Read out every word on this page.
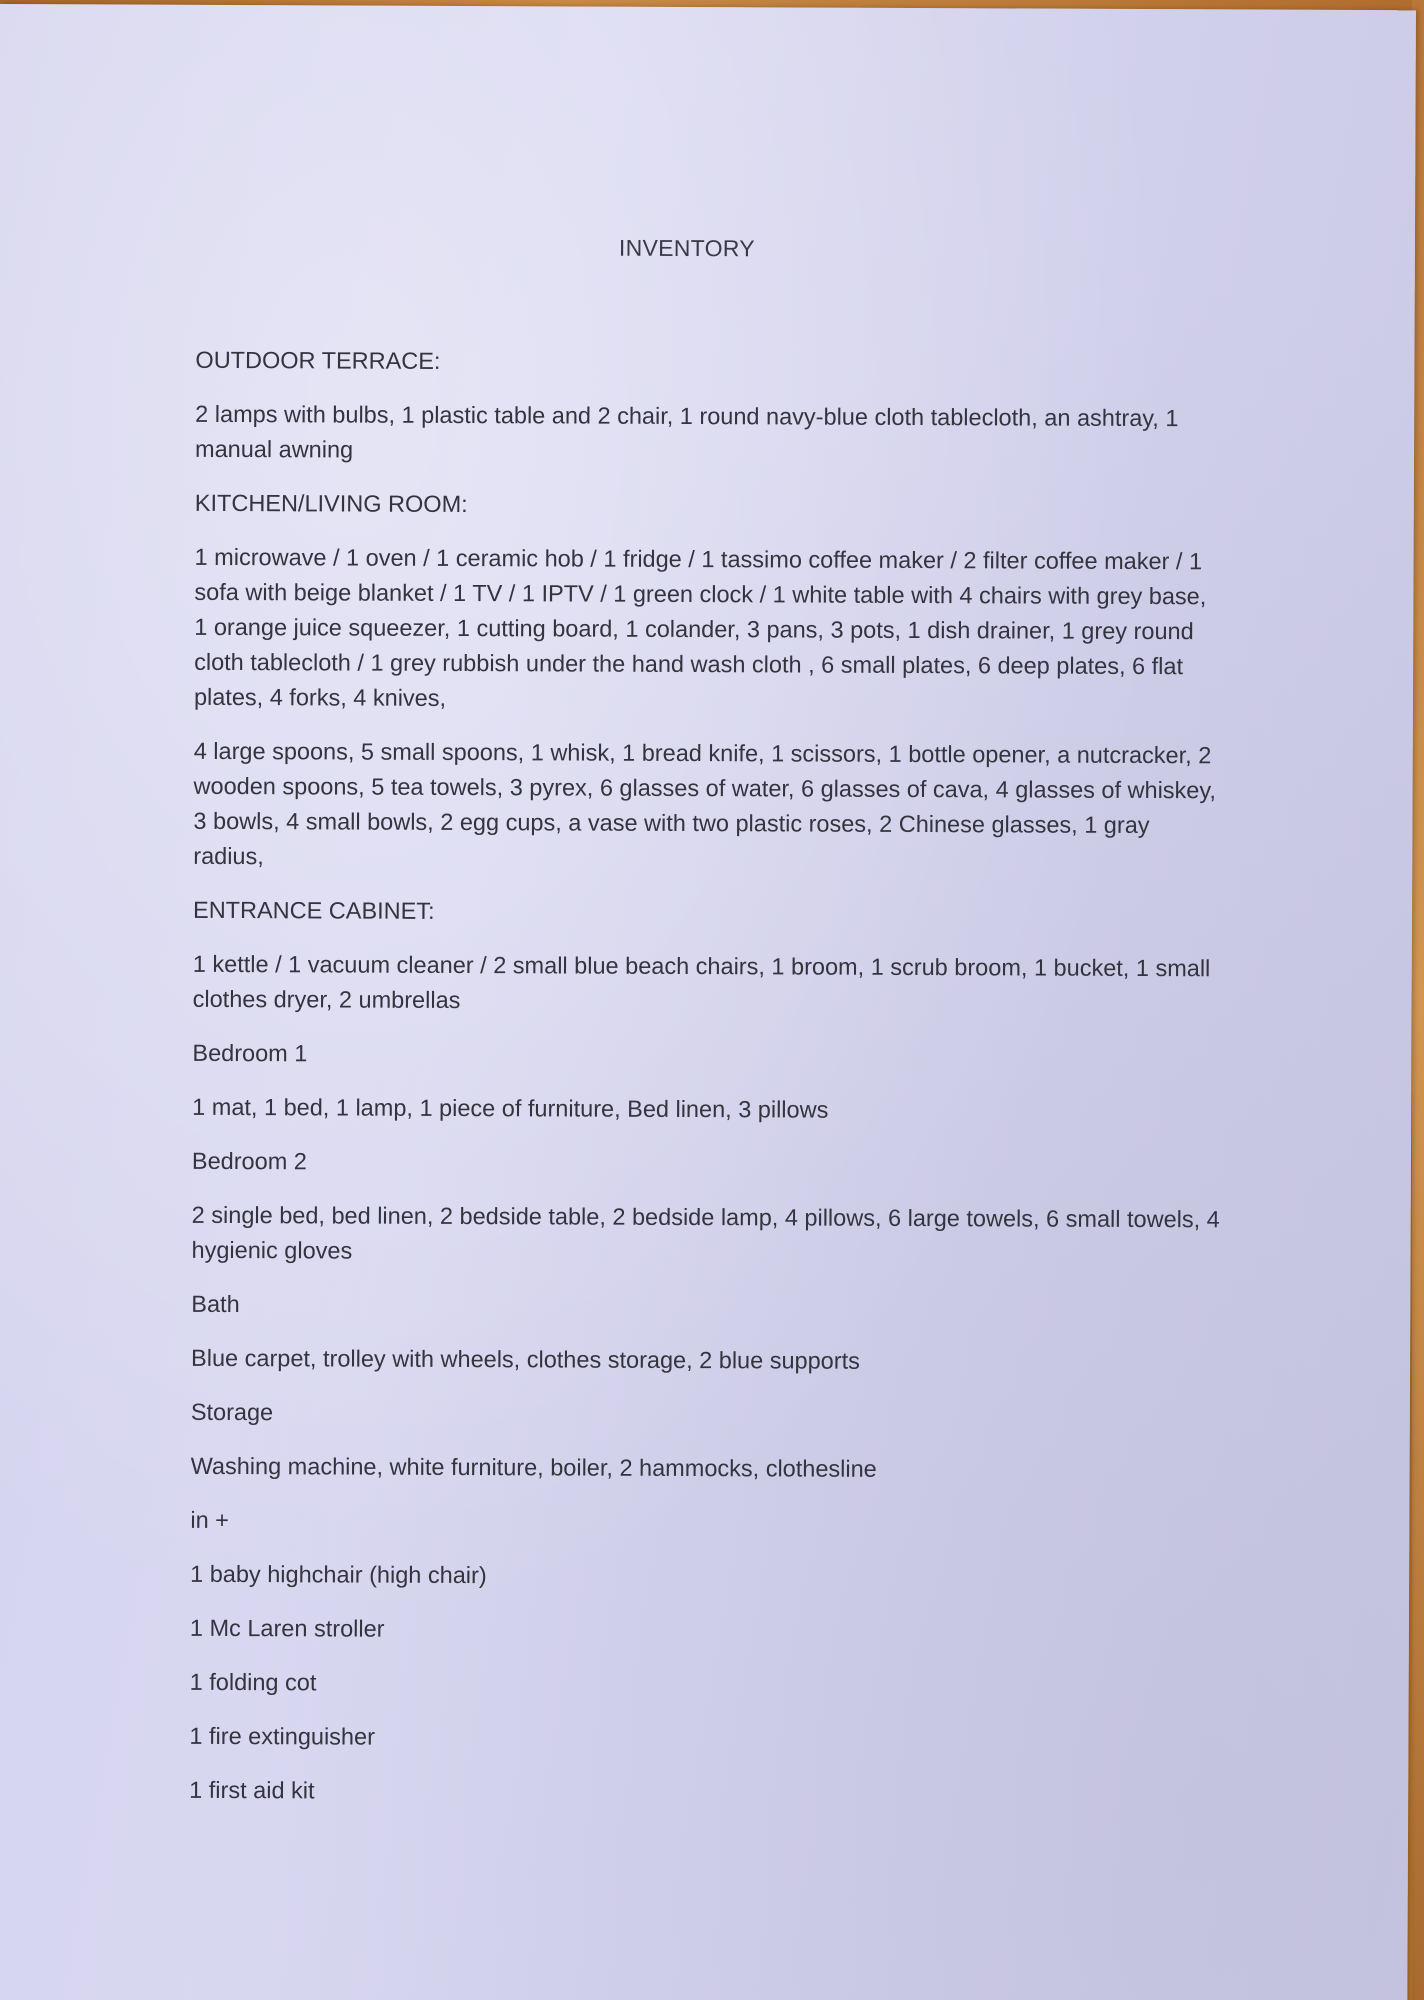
INVENTORY

OUTDOOR TERRACE:

2 lamps with bulbs, 1 plastic table and 2 chair, 1 round navy-blue cloth tablecloth, an ashtray, 1 manual awning

KITCHEN/LIVING ROOM:

1 microwave / 1 oven / 1 ceramic hob / 1 fridge / 1 tassimo coffee maker / 2 filter coffee maker / 1 sofa with beige blanket / 1 TV / 1 IPTV / 1 green clock / 1 white table with 4 chairs with grey base, 1 orange juice squeezer, 1 cutting board, 1 colander, 3 pans, 3 pots, 1 dish drainer, 1 grey round cloth tablecloth / 1 grey rubbish under the hand wash cloth , 6 small plates, 6 deep plates, 6 flat plates, 4 forks, 4 knives,

4 large spoons, 5 small spoons, 1 whisk, 1 bread knife, 1 scissors, 1 bottle opener, a nutcracker, 2 wooden spoons, 5 tea towels, 3 pyrex, 6 glasses of water, 6 glasses of cava, 4 glasses of whiskey, 3 bowls, 4 small bowls, 2 egg cups, a vase with two plastic roses, 2 Chinese glasses, 1 gray radius,

ENTRANCE CABINET:

1 kettle / 1 vacuum cleaner / 2 small blue beach chairs, 1 broom, 1 scrub broom, 1 bucket, 1 small clothes dryer, 2 umbrellas

Bedroom 1

1 mat, 1 bed, 1 lamp, 1 piece of furniture, Bed linen, 3 pillows

Bedroom 2

2 single bed, bed linen, 2 bedside table, 2 bedside lamp, 4 pillows, 6 large towels, 6 small towels, 4 hygienic gloves

Bath

Blue carpet, trolley with wheels, clothes storage, 2 blue supports

Storage

Washing machine, white furniture, boiler, 2 hammocks, clothesline

in +

1 baby highchair (high chair)

1 Mc Laren stroller

1 folding cot

1 fire extinguisher

1 first aid kit
